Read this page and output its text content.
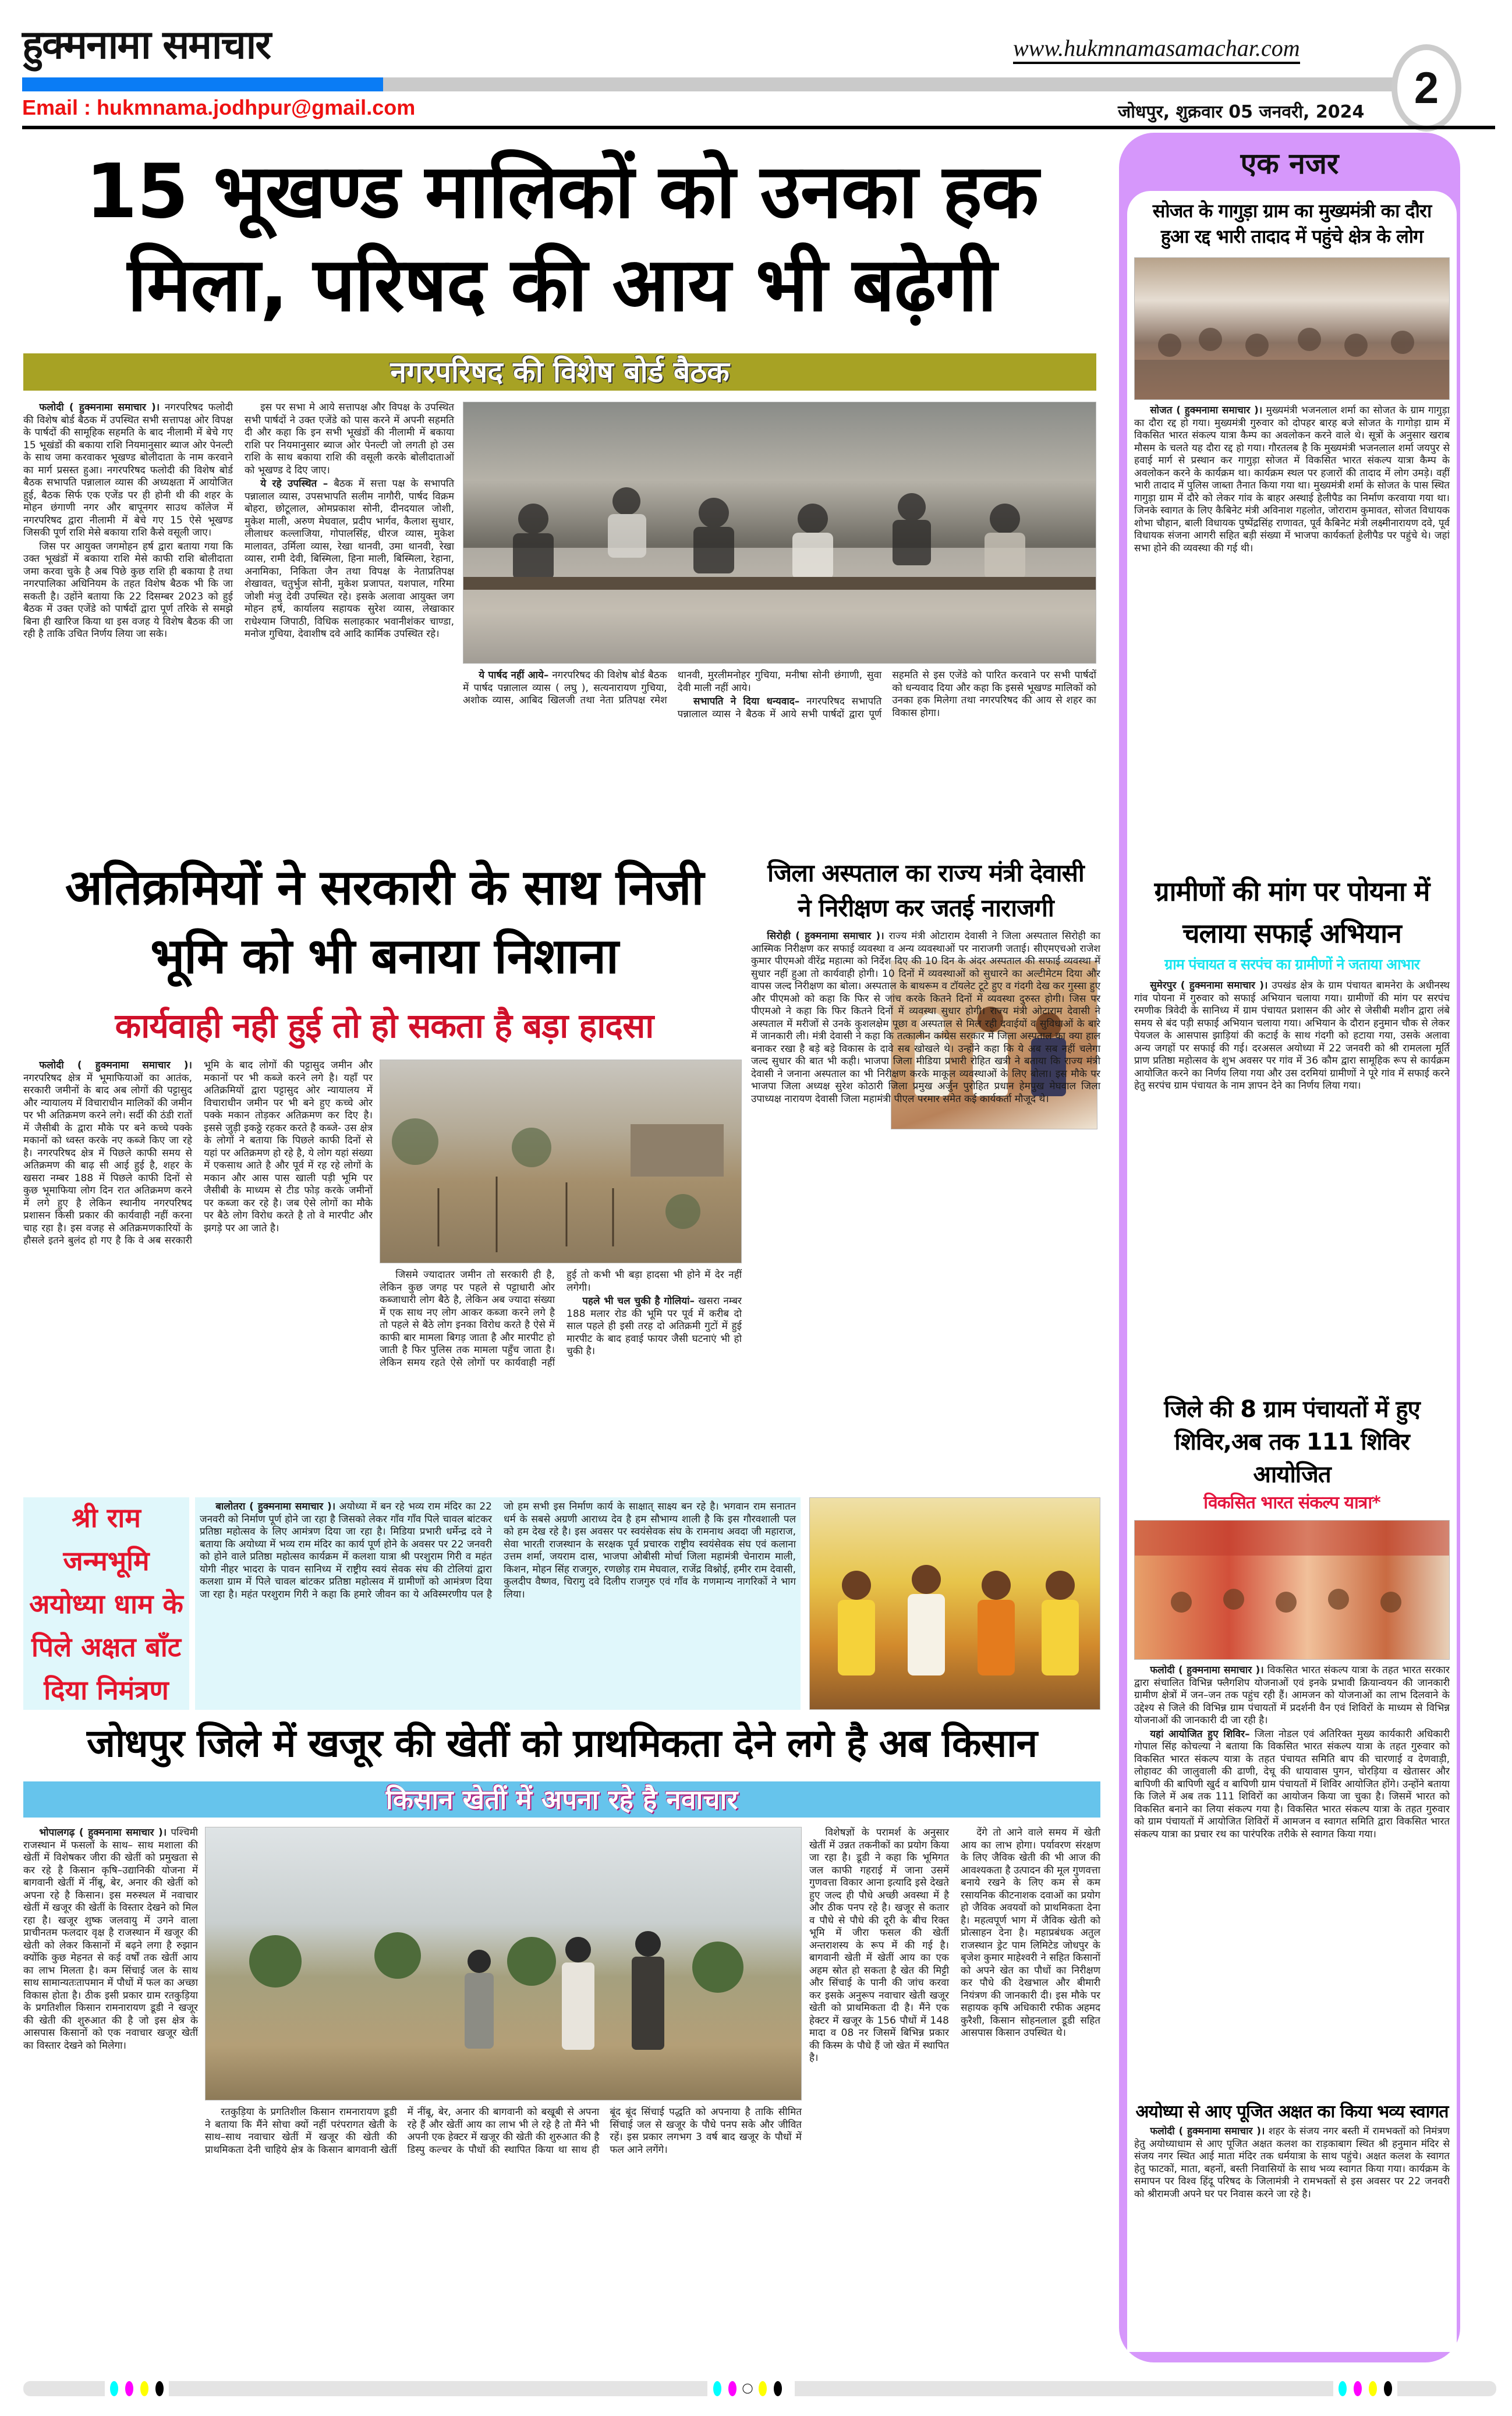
हुक्मनामा समाचार	www.hukmnamasamachar.com
2
Email : hukmnama.jodhpur@gmail.com	जोधपुर, शुक्रवार 05 जनवरी, 2024
15 भूखण्ड मालिकों को उनका हक
मिला, परिषद की आय भी बढ़ेगी
नगरपरिषद की विशेष बोर्ड बैठक

फलोदी ( हुक्मनामा समाचार )। नगरपरिषद फलोदी की विशेष बोर्ड बैठक में उपस्थित सभी सत्तापक्ष ओर विपक्ष के पार्षदों की सामूहिक सहमति के बाद नीलामी में बेचे गए 15 भूखंडों की बकाया राशि नियमानुसार ब्याज ओर पेनल्टी के साथ जमा करवाकर भूखण्ड बोलीदाता के नाम करवाने का मार्ग प्रसस्त हुआ। नगरपरिषद फलोदी की विशेष बोर्ड बैठक सभापति पन्नालाल व्यास की अध्यक्षता में आयोजित हुई, बैठक सिर्फ एक एजेंड पर ही होनी थी की शहर के मोहन छंगाणी नगर और बापूनगर साउथ कॉलेज में नगरपरिषद द्वारा नीलामी में बेचे गए 15 ऐसे भूखण्ड जिसकी पूर्ण राशि मेसे बकाया राशि कैसे वसूली जाए।

जिस पर आयुक्त जगमोहन हर्ष द्वारा बताया गया कि उक्त भूखंडों में बकाया राशि मेसे काफी राशि बोलीदाता जमा करवा चुके है अब पिछे कुछ राशि ही बकाया है तथा नगरपालिका अधिनियम के तहत विशेष बैठक भी कि जा सकती है। उहोंने बताया कि 22 दिसम्बर 2023 को हुई बैठक में उक्त एजेंडे को पार्षदों द्वारा पूर्ण तरिके से समझे बिना ही खारिज किया था इस वजह ये विशेष बैठक की जा रही है ताकि उचित निर्णय लिया जा सके।

इस पर सभा मे आये सत्तापक्ष और विपक्ष के उपस्थित सभी पार्षदों ने उक्त एजेंडे को पास करने में अपनी सहमति दी और कहा कि इन सभी भूखंडों की नीलामी में बकाया राशि पर नियमानुसार ब्याज ओर पेनल्टी जो लगती हो उस राशि के साथ बकाया राशि की वसूली करके बोलीदाताओं को भूखण्ड दे दिए जाए।

ये रहे उपस्थित – बैठक में सत्ता पक्ष के सभापति पन्नालाल व्यास, उपसभापति सलीम नागौरी, पार्षद विक्रम बोहरा, छोटूलाल, ओमप्रकाश सोनी, दीनदयाल जोशी, मुकेश माली, अरुण मेघवाल, प्रदीप भार्गव, कैलाश सुथार, लीलाधर कल्लाजिया, गोपालसिंह, धीरज व्यास, मुकेश मालावत, उर्मिला व्यास, रेखा थानवी, उमा थानवी, रेखा व्यास, रामी देवी, बिस्मिला, हिना माली, बिस्मिला, रेहाना, अनामिका, निकिता जैन तथा विपक्ष के नेताप्रतिपक्ष शेखावत, चतुर्भुज सोनी, मुकेश प्रजापत, यशपाल, गरिमा जोशी मंजु देवी उपस्थित रहे। इसके अलावा आयुक्त जग मोहन हर्ष, कार्यालय सहायक सुरेश व्यास, लेखाकार राधेश्याम जिपाठी, विधिक सलाहकार भवानीशंकर चाण्डा, मनोज गुचिया, देवाशीष दवे आदि कार्मिक उपस्थित रहे।

ये पार्षद नहीं आये– नगरपरिषद की विशेष बोर्ड बैठक में पार्षद पन्नालाल व्यास ( लघु ), सत्यनारायण गुचिया, अशोक व्यास, आबिद खिलजी तथा नेता प्रतिपक्ष रमेश थानवी, मुरलीमनोहर गुचिया, मनीषा सोनी छंगाणी, सुवा देवी माली नहीं आये।

सभापति ने दिया धन्यवाद– नगरपरिषद सभापति पन्नालाल व्यास ने बैठक में आये सभी पार्षदों द्वारा पूर्ण सहमति से इस एजेंडे को पारित करवाने पर सभी पार्षदों को धन्यवाद दिया और कहा कि इससे भूखण्ड मालिकों को उनका हक मिलेगा तथा नगरपरिषद की आय से शहर का विकास होगा।

अतिक्रमियों ने सरकारी के साथ निजी
भूमि को भी बनाया निशाना
कार्यवाही नही हुई तो हो सकता है बड़ा हादसा

फलोदी ( हुक्मनामा समाचार )। नगरपरिषद क्षेत्र में भूमाफियाओं का आतंक, सरकारी जमीनों के बाद अब लोगों की पट्टासुद और न्यायालय में विचाराधीन मालिकों की जमीन पर भी अतिक्रमण करने लगे। सर्दी की ठंडी रातों में जैसीबी के द्वारा मौके पर बने कच्चे पक्के मकानों को ध्वस्त करके नए कब्जे किए जा रहे है। नगरपरिषद क्षेत्र में पिछले काफी समय से अतिक्रमण की बाढ़ सी आई हुई है, शहर के खसरा नम्बर 188 में पिछले काफी दिनों से कुछ भूमाफिया लोग दिन रात अतिक्रमण करने में लगे हुए है लेकिन स्थानीय नगरपरिषद प्रशासन किसी प्रकार की कार्यवाही नहीं करना चाह रहा है। इस वजह से अतिक्रमणकारियों के हौसले इतने बुलंद हो गए है कि वे अब सरकारी भूमि के बाद लोगों की पट्टासुद जमीन और मकानों पर भी कब्जे करने लगे है। यहाँ पर अतिक्रमियों द्वारा पट्टासुद ओर न्यायालय में विचाराधीन जमीन पर भी बने हुए कच्चे ओर पक्के मकान तोड़कर अतिक्रमण कर दिए है। इससे जुड़ी इकठ्ठे रहकर करते है कब्जे- उस क्षेत्र के लोगों ने बताया कि पिछले काफी दिनों से यहां पर अतिक्रमण हो रहे है, ये लोग यहां संख्या में एकसाथ आते है और पूर्व में रह रहे लोगों के मकान और आस पास खाली पड़ी भूमि पर जैसीबी के माध्यम से टीड फोड़ करके जमीनों पर कब्जा कर रहे है। जब ऐसे लोगों का मौके पर बैठे लोग विरोध करते है तो वे मारपीट और झगड़े पर आ जाते है।

जिसमे ज्यादातर जमीन तो सरकारी ही है, लेकिन कुछ जगह पर पहले से पट्टाधारी ओर कब्जाधारी लोग बैठे है, लेकिन अब ज्यादा संख्या में एक साथ नए लोग आकर कब्जा करने लगे है तो पहले से बैठे लोग इनका विरोध करते है ऐसे में काफी बार मामला बिगड़ जाता है और मारपीट हो जाती है फिर पुलिस तक मामला पहुँच जाता है। लेकिन समय रहते ऐसे लोगों पर कार्यवाही नहीं हुई तो कभी भी बड़ा हादसा भी होने में देर नहीं लगेगी।

पहले भी चल चुकी है गोलियां– खसरा नम्बर 188 मलार रोड की भूमि पर पूर्व में करीब दो साल पहले ही इसी तरह दो अतिक्रमी गुटों में हुई मारपीट के बाद हवाई फायर जैसी घटनाएं भी हो चुकी है।

जिला अस्पताल का राज्य मंत्री देवासी
ने निरीक्षण कर जतई नाराजगी

सिरोही ( हुक्मनामा समाचार )। राज्य मंत्री ओटाराम देवासी ने जिला अस्पताल सिरोही का आस्मिक निरीक्षण कर सफाई व्यवस्था व अन्य व्यवस्थाओं पर नाराजगी जताई। सीएमएचओ राजेश कुमार पीएमओ वीरेंद्र महात्मा को निर्देश दिए की 10 दिन के अंदर अस्पताल की सफाई व्यवस्था में सुधार नहीं हुआ तो कार्यवाही होगी। 10 दिनों में व्यवस्थाओं को सुधारने का अल्टीमेटम दिया और वापस जल्द निरीक्षण का बोला। अस्पताल के बाथरूम व टॉयलेट टूटे हुए व गंदगी देख कर गुस्सा हुए और पीएमओ को कहा कि फिर से जांच करके कितने दिनों में व्यवस्था दुरुस्त होगी। जिस पर पीएमओ ने कहा कि फिर कितने दिनों में व्यवस्था सुधार होगी। राज्य मंत्री ओटाराम देवासी ने अस्पताल में मरीजों से उनके कुशलक्षेम पूछा व अस्पताल से मिल रही दवाईयों व सुविधाओं के बारे में जानकारी ली। मंत्री देवासी ने कहा कि तत्कालीन कांग्रेस सरकार में जिला अस्पताल का क्या हाल बनाकर रखा है बड़े बड़े विकास के दावे सब खोखले थे। उन्होंने कहा कि ये अब सब नहीं चलेगा जल्द सुधार की बात भी कही। भाजपा जिला मीडिया प्रभारी रोहित खत्री ने बताया कि राज्य मंत्री देवासी ने जनाना अस्पताल का भी निरीक्षण करके माकूल व्यवस्थाओं के लिए बोला। इस मौके पर भाजपा जिला अध्यक्ष सुरेश कोठारी जिला प्रमुख अर्जुन पुरोहित प्रधान हेमपुख मेघवाल जिला उपाध्यक्ष नारायण देवासी जिला महामंत्री पीएल परमार समेत कई कार्यकर्ता मौजूद थे।

श्री राम जन्मभूमि अयोध्या धाम के पिले अक्षत बाँट दिया निमंत्रण

बालोतरा ( हुक्मनामा समाचार )। अयोध्या में बन रहे भव्य राम मंदिर का 22 जनवरी को निर्माण पूर्ण होने जा रहा है जिसको लेकर गाँव गाँव पिले चावल बांटकर प्रतिष्ठा महोत्सव के लिए आमंत्रण दिया जा रहा है। मिडिया प्रभारी धर्मेन्द्र दवे ने बताया कि अयोध्या में भव्य राम मंदिर का कार्य पूर्ण होने के अवसर पर 22 जनवरी को होने वाले प्रतिष्ठा महोत्सव कार्यक्रम में कलशा यात्रा श्री परशुराम गिरी व महंत योगी नीहर भादरा के पावन सानिध्य में राष्ट्रीय स्वयं सेवक संघ की टोलियां द्वारा कलशा ग्राम में पिले चावल बांटकर प्रतिष्ठा महोत्सव में ग्रामीणों को आमंत्रण दिया जा रहा है। महंत परशुराम गिरी ने कहा कि हमारे जीवन का ये अविस्मरणीय पल है जो हम सभी इस निर्माण कार्य के साक्षात् साक्ष्य बन रहे है। भगवान राम सनातन धर्म के सबसे अग्रणी आराध्य देव है हम सौभाग्य शाली है कि इस गौरवशाली पल को हम देख रहे है। इस अवसर पर स्वयंसेवक संघ के रामनाथ अवदा जी महाराज, सेवा भारती राजस्थान के सरक्षक पूर्व प्रचारक राष्ट्रीय स्वयंसेवक संघ एवं कलाना उत्तम शर्मा, जयराम दास, भाजपा ओबीसी मोर्चा जिला महामंत्री चेनाराम माली, किशन, मोहन सिंह राजगुरु, रणछोड़ राम मेघवाल, राजेंद्र विश्नोई, हमीर राम देवासी, कुलदीप वैष्णव, चिरागु दवे दिलीप राजगुरु एवं गाँव के गणमान्य नागरिकों ने भाग लिया।

जोधपुर जिले में खजूर की खेतीं को प्राथमिकता देने लगे है अब किसान
किसान खेतीं में अपना रहे है नवाचार

भोपालगढ़ ( हुक्मनामा समाचार )। पश्चिमी राजस्थान में फसलों के साथ– साथ मशाला की खेतीं में विशेषकर जीरा की खेतीं को प्रमुखता से कर रहे है किसान कृषि–उद्यानिकी योजना में बागवानी खेतीं में नींबू, बेर, अनार की खेतीं को अपना रहे है किसान। इस मरुस्थल में नवाचार खेतीं में खजूर की खेतीं के विस्तार देखने को मिल रहा है। खजूर शुष्क जलवायु में उगने वाला प्राचीनतम फलदार वृक्ष है राजस्थान में खजूर की खेती को लेकर किसानों में बढ़ने लगा है रुझान क्योंकि कुछ मेहनत से कई वर्षों तक खेतीं आय का लाभ मिलता है। कम सिंचाई जल के साथ साथ सामान्यतःतापमान में पौधों में फल का अच्छा विकास होता है। ठीक इसी प्रकार ग्राम रतकुड़िया के प्रगतिशील किसान रामनारायण डूडी ने खजूर की खेती की शुरुआत की है जो इस क्षेत्र के आसपास किसानों को एक नवाचार खजूर खेतीं का विस्तार देखने को मिलेगा।

रतकुड़िया के प्रगतिशील किसान रामनारायण डूडी ने बताया कि मैंने सोचा क्यों नहीं परंपरागत खेती के साथ–साथ नवाचार खेतीं में खजूर की खेती की प्राथमिकता देनी चाहिये क्षेत्र के किसान बागवानी खेतीं में नींबू, बेर, अनार की बागवानी को बखूबी से अपना रहे हैं और खेतीं आय का लाभ भी ले रहे है तो मैंने भी अपनी एक हेक्टर में खजूर की खेती की शुरुआत की है डिस्पु कल्चर के पौधों की स्थापित किया था साथ ही बूंद बूंद सिंचाई पद्धति को अपनाया है ताकि सीमित सिंचाई जल से खजूर के पौधे पनप सके और जीवित रहें। इस प्रकार लगभग 3 वर्ष बाद खजूर के पौधों में फल आने लगेंगे।

विशेषज्ञों के परामर्श के अनुसार खेतीं में उन्नत तकनीकों का प्रयोग किया जा रहा है। डूडी ने कहा कि भूमिगत जल काफी गहराई में जाना उसमें गुणवत्ता विकार आना इत्यादि इसे देखते हुए जल्द ही पौधे अच्छी अवस्था में है और ठीक पनप रहे है। खजूर से कतार व पौधे से पौधे की दूरी के बीच रिक्त भूमि में जीरा फसल की खेतीं अन्तराशस्य के रूप में की गई है। बागवानी खेती में खेतीं आय का एक अहम स्रोत हो सकता है खेत की मिट्टी और सिंचाई के पानी की जांच करवा कर इसके अनुरूप नवाचार खेती खजूर खेती को प्राथमिकता दी है। मैंने एक हेक्टर में खजूर के 156 पौधों में 148 मादा व 08 नर जिसमें बिभिन्न प्रकार की किस्म के पौधे हैं जो खेत में स्थापित है।

देंगे तो आने वाले समय में खेती आय का लाभ होगा। पर्यावरण संरक्षण के लिए जैविक खेती की भी आज की आवश्यकता है उत्पादन की मूल गुणवत्ता बनाये रखने के लिए कम से कम रसायनिक कीटनाशक दवाओं का प्रयोग हो जैविक अवयवों को प्राथमिकता देना है। महत्वपूर्ण भाग में जैविक खेती को प्रोत्साहन देना है। महाप्रबंधक अतुल राजस्थान ड्रेट पाम लिमिटेड जोधपुर के बृजेश कुमार माहेश्वरी ने सहित किसानों को अपने खेत का पौधों का निरीक्षण कर पौधे की देखभाल और बीमारी नियंत्रण की जानकारी दी। इस मौके पर सहायक कृषि अधिकारी रफीक अहमद कुरैशी, किसान सोहनलाल डूडी सहित आसपास किसान उपस्थित थे।

एक नजर
सोजत के गागुड़ा ग्राम का मुख्यमंत्री का दौरा हुआ रद्द भारी तादाद में पहुंचे क्षेत्र के लोग

सोजत ( हुक्मनामा समाचार )। मुख्यमंत्री भजनलाल शर्मा का सोजत के ग्राम गागुड़ा का दौरा रद्द हो गया। मुख्यमंत्री गुरुवार को दोपहर बारह बजे सोजत के गागोड़ा ग्राम में विकसित भारत संकल्प यात्रा कैम्प का अवलोकन करने वाले थे। सूत्रों के अनुसार खराब मौसम के चलते यह दौरा रद्द हो गया। गौरतलब है कि मुख्यमंत्री भजनलाल शर्मा जयपुर से हवाई मार्ग से प्रस्थान कर गागुड़ा सोजत में विकसित भारत संकल्प यात्रा कैम्प के अवलोकन करने के कार्यक्रम था। कार्यक्रम स्थल पर हजारों की तादाद में लोग उमड़े। वहीं भारी तादाद में पुलिस जाब्ता तैनात किया गया था। मुख्यमंत्री शर्मा के सोजत के पास स्थित गागुड़ा ग्राम में दौरे को लेकर गांव के बाहर अस्थाई हेलीपैड का निर्माण करवाया गया था। जिनके स्वागत के लिए कैबिनेट मंत्री अविनाश गहलोत, जोराराम कुमावत, सोजत विधायक शोभा चौहान, बाली विधायक पुष्पेंद्रसिंह राणावत, पूर्व कैबिनेट मंत्री लक्ष्मीनारायण दवे, पूर्व विधायक संजना आगरी सहित बड़ी संख्या में भाजपा कार्यकर्ता हेलीपैड पर पहुंचे थे। जहां सभा होने की व्यवस्था की गई थी।

ग्रामीणों की मांग पर पोयना में चलाया सफाई अभियान
ग्राम पंचायत व सरपंच का ग्रामीणों ने जताया आभार

सुमेरपुर ( हुक्मनामा समाचार )। उपखंड क्षेत्र के ग्राम पंचायत बामनेरा के अधीनस्थ गांव पोयना में गुरुवार को सफाई अभियान चलाया गया। ग्रामीणों की मांग पर सरपंच रमणीक त्रिवेदी के सानिध्य में ग्राम पंचायत प्रशासन की ओर से जेसीबी मशीन द्वारा लंबे समय से बंद पड़ी सफाई अभियान चलाया गया। अभियान के दौरान हनुमान चौक से लेकर पेयजल के आसपास झाड़ियां की कटाई के साथ गंदगी को हटाया गया, उसके अलावा अन्य जगहों पर सफाई की गई। दरअसल अयोध्या में 22 जनवरी को श्री रामलला मूर्ति प्राण प्रतिष्ठा महोत्सव के शुभ अवसर पर गांव में 36 कौम द्वारा सामूहिक रूप से कार्यक्रम आयोजित करने का निर्णय लिया गया और उस दरमियां ग्रामीणों ने पूरे गांव में सफाई करने हेतु सरपंच ग्राम पंचायत के नाम ज्ञापन देने का निर्णय लिया गया।

जिले की 8 ग्राम पंचायतों में हुए शिविर,अब तक 111 शिविर आयोजित
विकसित भारत संकल्प यात्रा*

फलोदी ( हुक्मनामा समाचार )। विकसित भारत संकल्प यात्रा के तहत भारत सरकार द्वारा संचालित विभिन्न फ्लैगशिप योजनाओं एवं इनके प्रभावी क्रियान्वयन की जानकारी ग्रामीण क्षेत्रों में जन–जन तक पहुंच रही हैं। आमजन को योजनाओं का लाभ दिलवाने के उद्देश्य से जिले की विभिन्न ग्राम पंचायतों में प्रदर्शनी वैन एवं शिविरों के माध्यम से विभिन्न योजनाओं की जानकारी दी जा रही है।

यहां आयोजित हुए शिविर– जिला नोडल एवं अतिरिक्त मुख्य कार्यकारी अधिकारी गोपाल सिंह कोचल्या ने बताया कि विकसित भारत संकल्प यात्रा के तहत गुरुवार को विकसित भारत संकल्प यात्रा के तहत पंचायत समिति बाप की चारणाई व देणवाड़ी, लोहावट की जालुवाली की ढाणी, देचू की धायावास पुगन, चोरड़िया व खेतासर और बापिणी की बापिणी खुर्द व बापिणी ग्राम पंचायतों में शिविर आयोजित होंगे। उन्होंने बताया कि जिले में अब तक 111 शिविरों का आयोजन किया जा चुका है। जिसमें भारत को विकसित बनाने का लिया संकल्प गया है। विकसित भारत संकल्प यात्रा के तहत गुरुवार को ग्राम पंचायतों में आयोजित शिविरों में आमजन व स्वागत समिति द्वारा विकसित भारत संकल्प यात्रा का प्रचार रथ का पारंपरिक तरीके से स्वागत किया गया।

अयोध्या से आए पूजित अक्षत का किया भव्य स्वागत

फलोदी ( हुक्मनामा समाचार )। शहर के संजय नगर बस्ती में रामभक्तों को निमंत्रण हेतु अयोध्याधाम से आए पूजित अक्षत कलश का राड़काबाग स्थित श्री हनुमान मंदिर से संजय नगर स्थित आई माता मंदिर तक धर्मयात्रा के साथ पहुंचे। अक्षत कलश के स्वागत हेतु फाटकों, माता, बहनों, बस्ती निवासियों के साथ भव्य स्वागत किया गया। कार्यक्रम के समापन पर विश्व हिंदू परिषद के जिलामंत्री ने रामभक्तों से इस अवसर पर 22 जनवरी को श्रीरामजी अपने घर पर निवास करने जा रहे है।
